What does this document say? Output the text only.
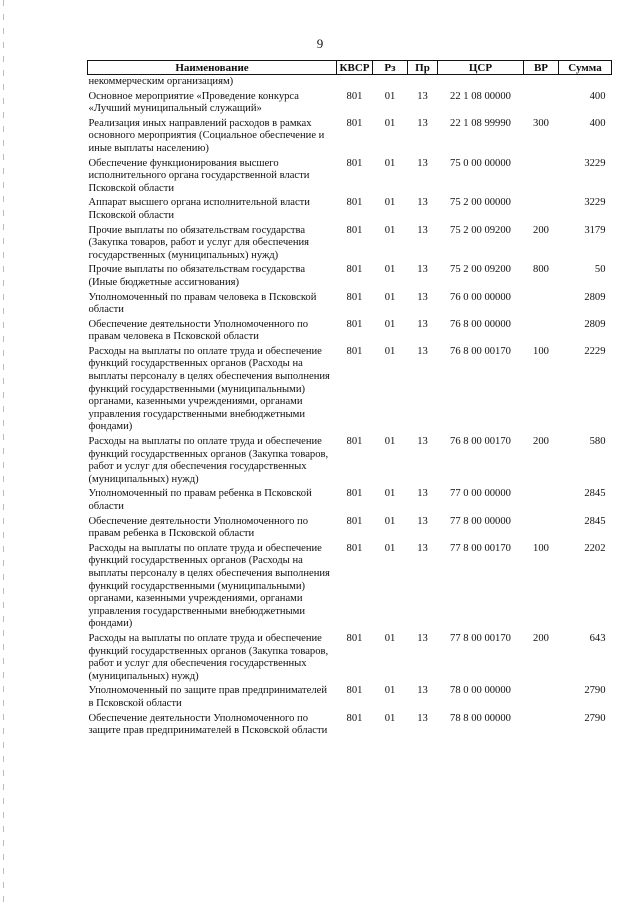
9
Наименование	КВСР	Рз	Пр	ЦСР	ВР	Сумма
некоммерческим организациям)						
Основное мероприятие «Проведение конкурса «Лучший муниципальный служащий»	801	01	13	22 1 08 00000		400
Реализация иных направлений расходов в рамках основного мероприятия (Социальное обеспечение и иные выплаты населению)	801	01	13	22 1 08 99990	300	400
Обеспечение функционирования высшего исполнительного органа государственной власти Псковской области	801	01	13	75 0 00 00000		3229
Аппарат высшего органа исполнительной власти Псковской области	801	01	13	75 2 00 00000		3229
Прочие выплаты по обязательствам государства (Закупка товаров, работ и услуг для обеспечения государственных (муниципальных) нужд)	801	01	13	75 2 00 09200	200	3179
Прочие выплаты по обязательствам государства (Иные бюджетные ассигнования)	801	01	13	75 2 00 09200	800	50
Уполномоченный по правам человека в Псковской области	801	01	13	76 0 00 00000		2809
Обеспечение деятельности Уполномоченного по правам человека в Псковской области	801	01	13	76 8 00 00000		2809
Расходы на выплаты по оплате труда и обеспечение функций государственных органов (Расходы на выплаты персоналу в целях обеспечения выполнения функций государственными (муниципальными) органами, казенными учреждениями, органами управления государственными внебюджетными фондами)	801	01	13	76 8 00 00170	100	2229
Расходы на выплаты по оплате труда и обеспечение функций государственных органов (Закупка товаров, работ и услуг для обеспечения государственных (муниципальных) нужд)	801	01	13	76 8 00 00170	200	580
Уполномоченный по правам ребенка в Псковской области	801	01	13	77 0 00 00000		2845
Обеспечение деятельности Уполномоченного по правам ребенка в Псковской области	801	01	13	77 8 00 00000		2845
Расходы на выплаты по оплате труда и обеспечение функций государственных органов (Расходы на выплаты персоналу в целях обеспечения выполнения функций государственными (муниципальными) органами, казенными учреждениями, органами управления государственными внебюджетными фондами)	801	01	13	77 8 00 00170	100	2202
Расходы на выплаты по оплате труда и обеспечение функций государственных органов (Закупка товаров, работ и услуг для обеспечения государственных (муниципальных) нужд)	801	01	13	77 8 00 00170	200	643
Уполномоченный по защите прав предпринимателей в Псковской области	801	01	13	78 0 00 00000		2790
Обеспечение деятельности Уполномоченного по защите прав предпринимателей в Псковской области	801	01	13	78 8 00 00000		2790
